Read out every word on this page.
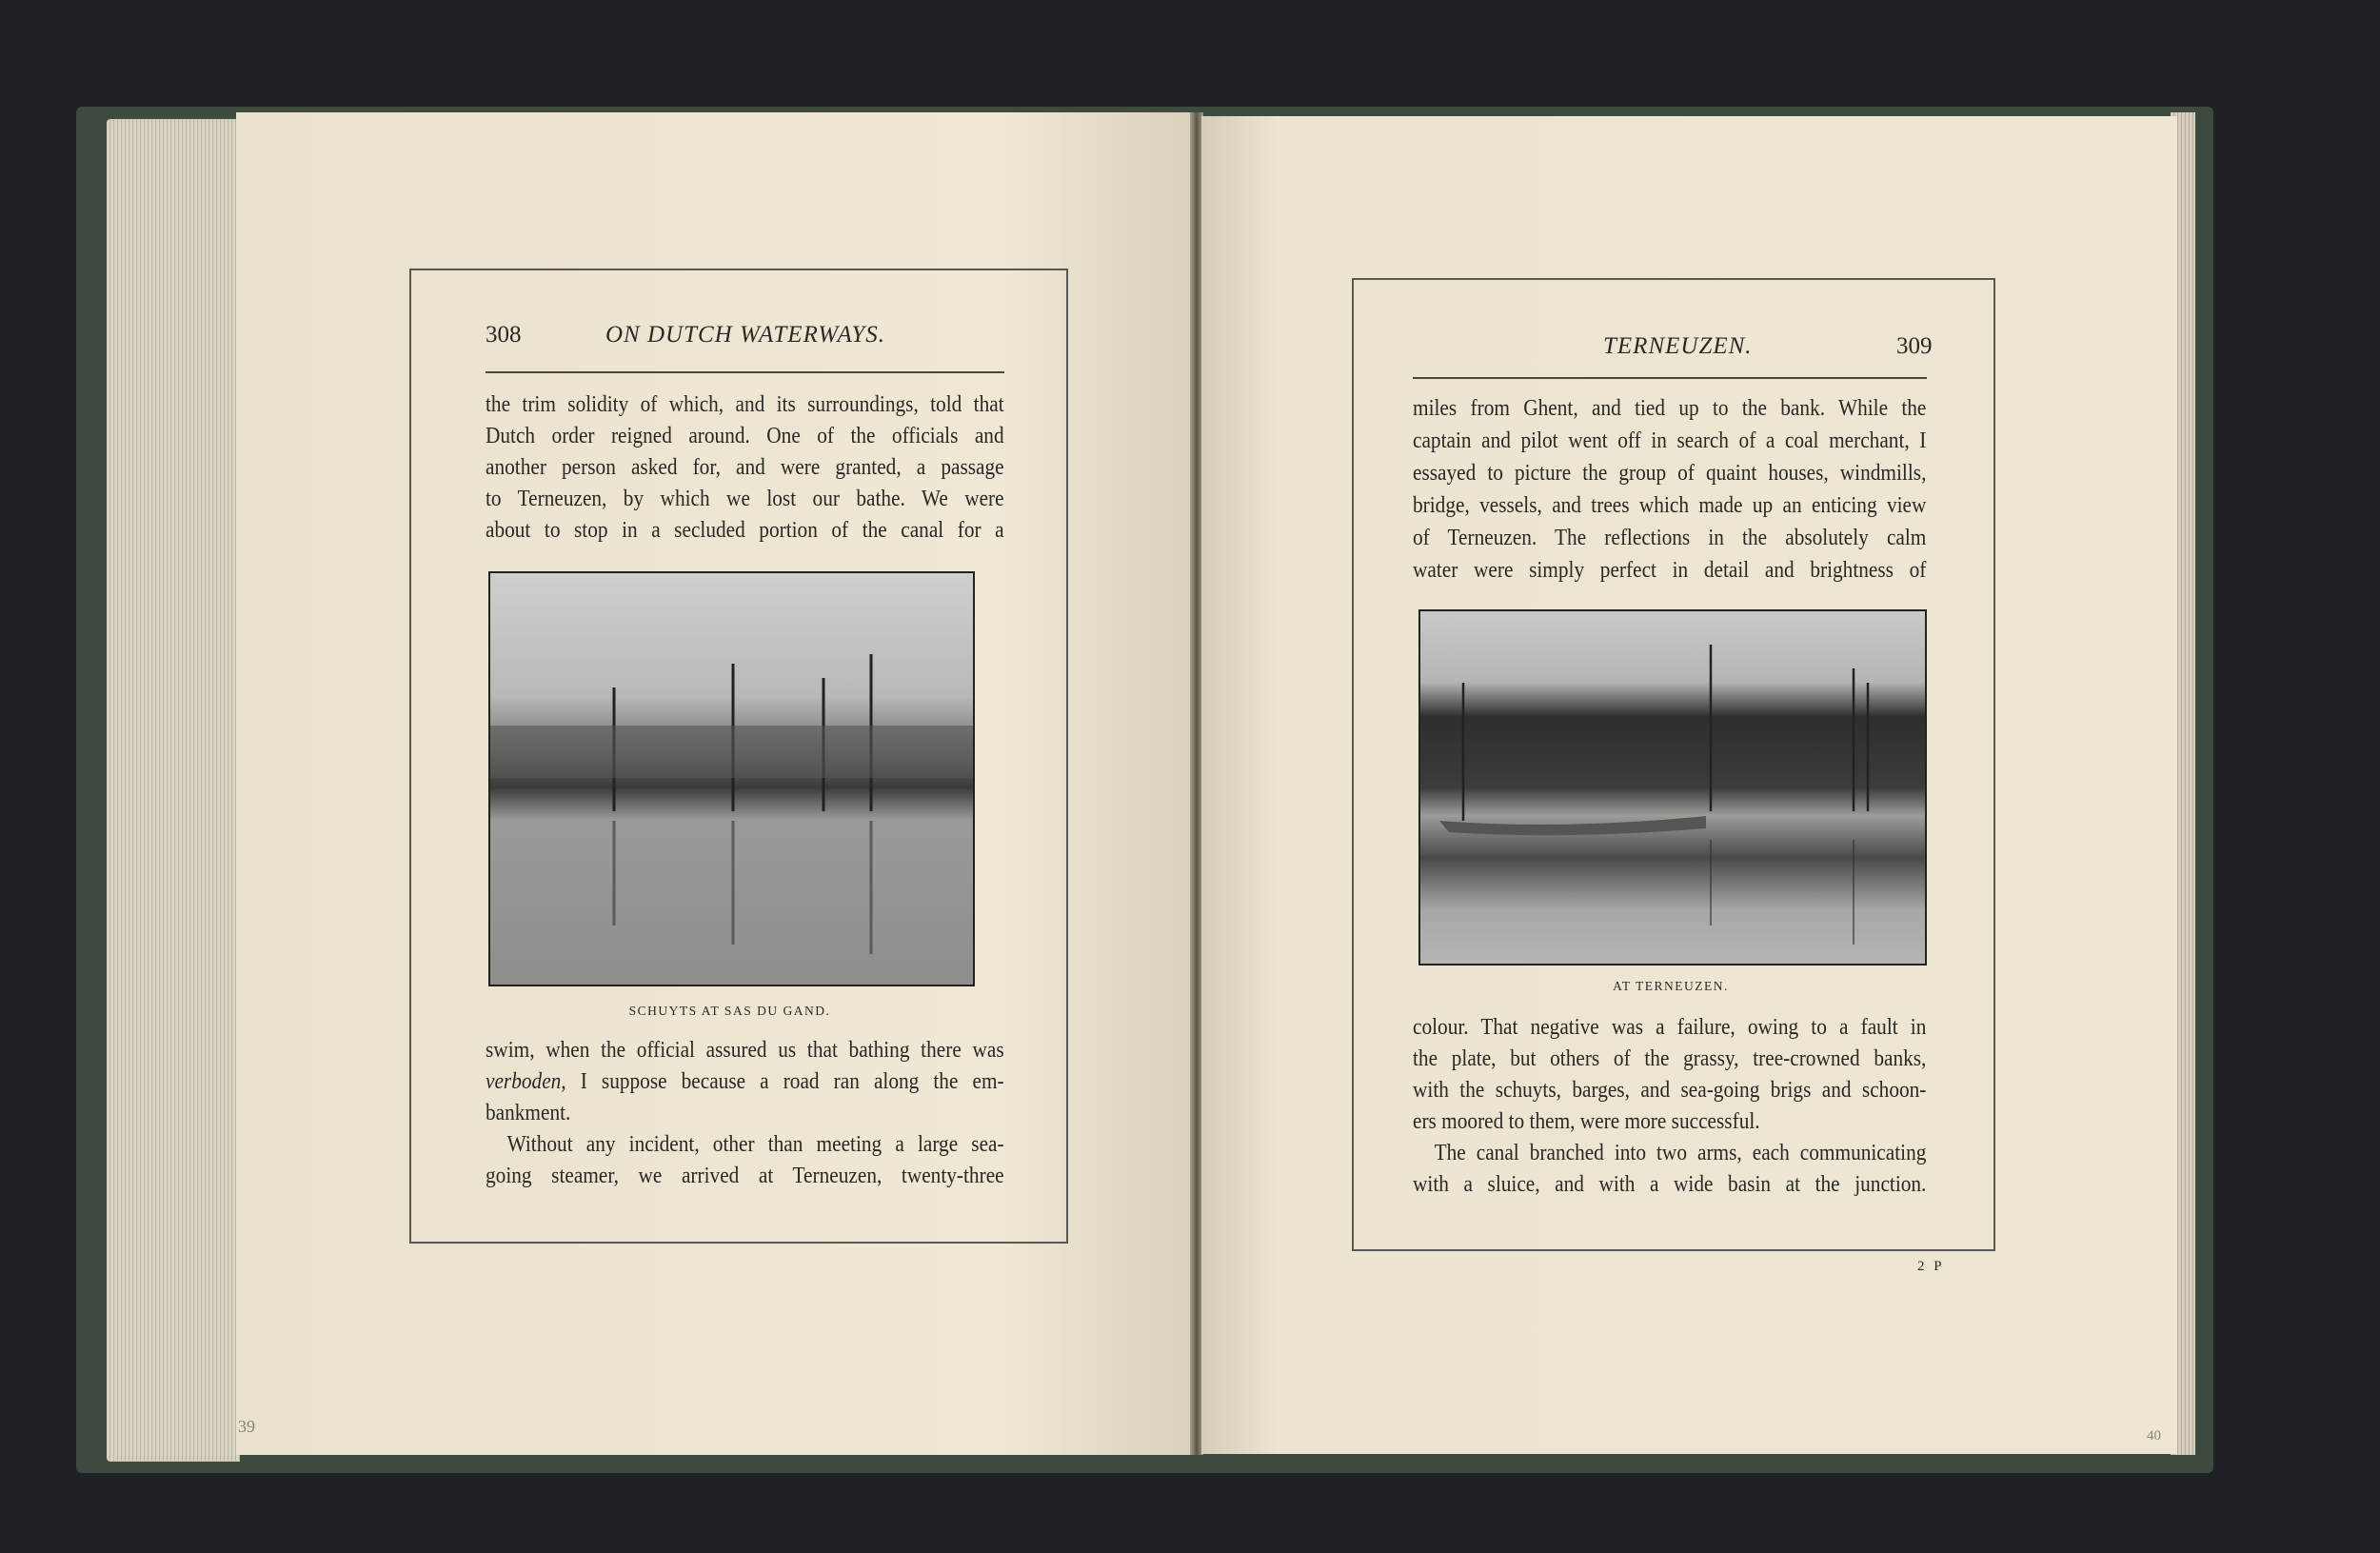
308	ON DUTCH WATERWAYS.
the trim solidity of which, and its surroundings, told that
Dutch order reigned around. One of the officials and
another person asked for, and were granted, a passage
to Terneuzen, by which we lost our bathe. We were
about to stop in a secluded portion of the canal for a
SCHUYTS AT SAS DU GAND.
swim, when the official assured us that bathing there was
verboden, I suppose because a road ran along the em-
bankment.
Without any incident, other than meeting a large sea-
going steamer, we arrived at Terneuzen, twenty-three
39
TERNEUZEN.	309
miles from Ghent, and tied up to the bank. While the
captain and pilot went off in search of a coal merchant, I
essayed to picture the group of quaint houses, windmills,
bridge, vessels, and trees which made up an enticing view
of Terneuzen. The reflections in the absolutely calm
water were simply perfect in detail and brightness of
AT TERNEUZEN.
colour. That negative was a failure, owing to a fault in
the plate, but others of the grassy, tree-crowned banks,
with the schuyts, barges, and sea-going brigs and schoon-
ers moored to them, were more successful.
The canal branched into two arms, each communicating
with a sluice, and with a wide basin at the junction.
2 P
40
